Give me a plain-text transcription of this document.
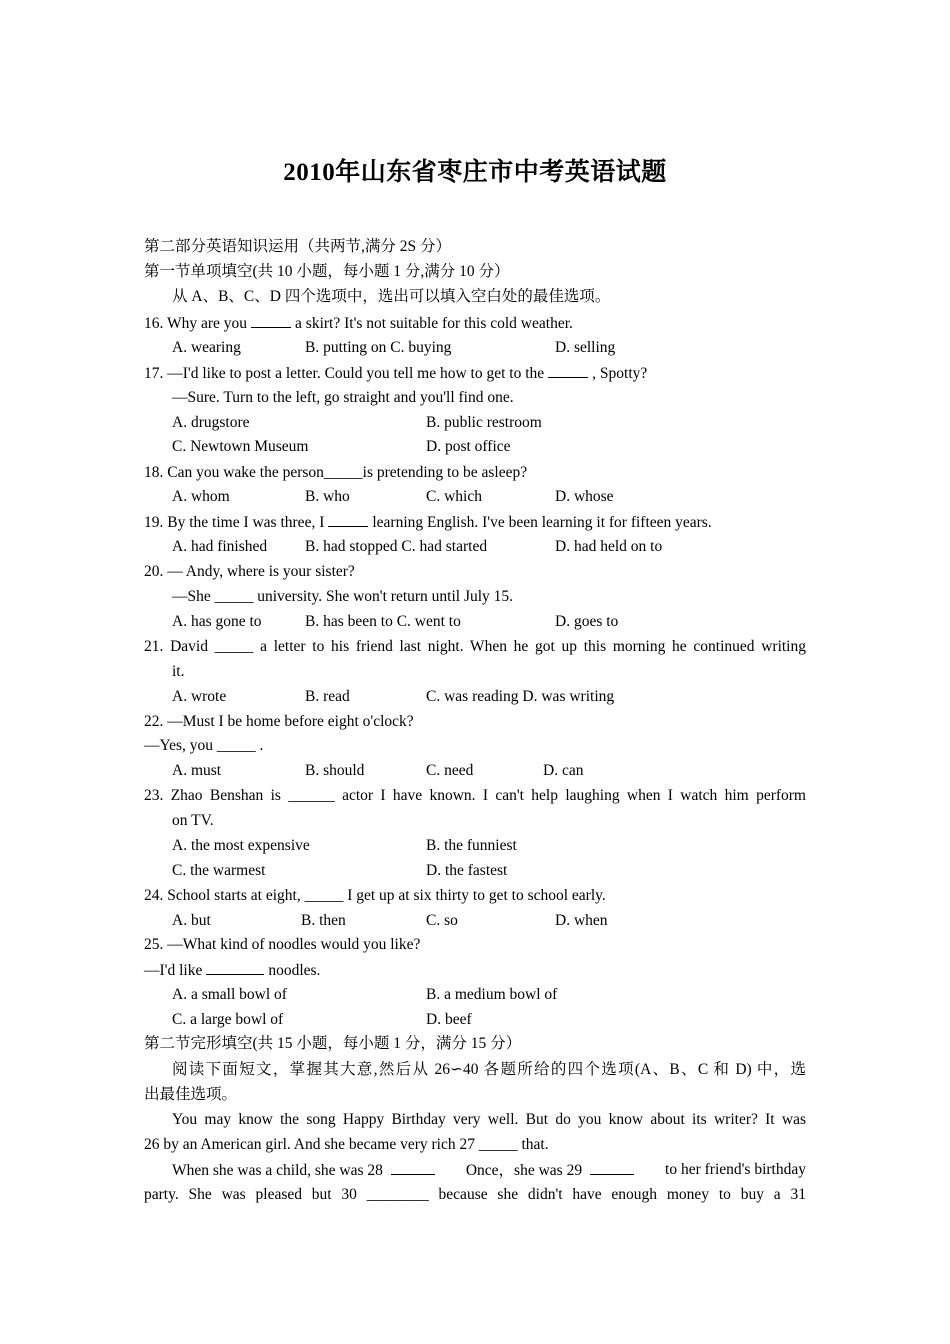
2010年山东省枣庄市中考英语试题
第二部分英语知识运用（共两节,满分 2S 分）
第一节单项填空(共 10 小题，每小题 1 分,满分 10 分）
从 A、B、C、D 四个选项中，选出可以填入空白处的最佳选项。
16. Why are you	a skirt? It's not suitable for this cold weather.
A. wearing	B. putting on C. buying	D. selling
17. —I'd like to post a letter. Could you tell me how to get to the	, Spotty?
—Sure. Turn to the left, go straight and you'll find one.
A. drugstore	B. public restroom
C. Newtown Museum	D. post office
18. Can you wake the person_____is pretending to be asleep?
A. whom	B. who	C. which	D. whose
19. By the time I was three, I	learning English. I've been learning it for fifteen years.
A. had finished B. had stopped C. had started	D. had held on to
20. — Andy, where is your sister?
—She _____ university. She won't return until July 15.
A. has gone to	B. has been to C. went to	D. goes to
21. David _____ a letter to his friend last night. When he got up this morning he continued writing
it.
A. wrote	B. read	C. was reading D. was writing
22. —Must I be home before eight o'clock?
—Yes, you _____ .
A. must	B. should	C. need	D. can
23. Zhao Benshan is ______ actor I have known. I can't help laughing when I watch him perform
on TV.
A. the most expensive	B. the funniest
C. the warmest	D. the fastest
24. School starts at eight, _____ I get up at six thirty to get to school early.
A. but	B. then	C. so	D. when
25. —What kind of noodles would you like?
—I'd like	noodles.
A. a small bowl of	B. a medium bowl of
C. a large bowl of	D. beef
第二节完形填空(共 15 小题，每小题 1 分，满分 15 分）
阅读下面短文，掌握其大意,然后从 26∽40 各题所给的四个选项(A、B、C 和 D) 中，选
出最佳选项。
You may know the song Happy Birthday very well. But do you know about its writer? It was
26 by an American girl. And she became very rich 27 _____ that.
When she was a child, she was 28	Once，she was 29	to her friend's birthday
party. She was pleased but 30 ________ because she didn't have enough money to buy a 31
